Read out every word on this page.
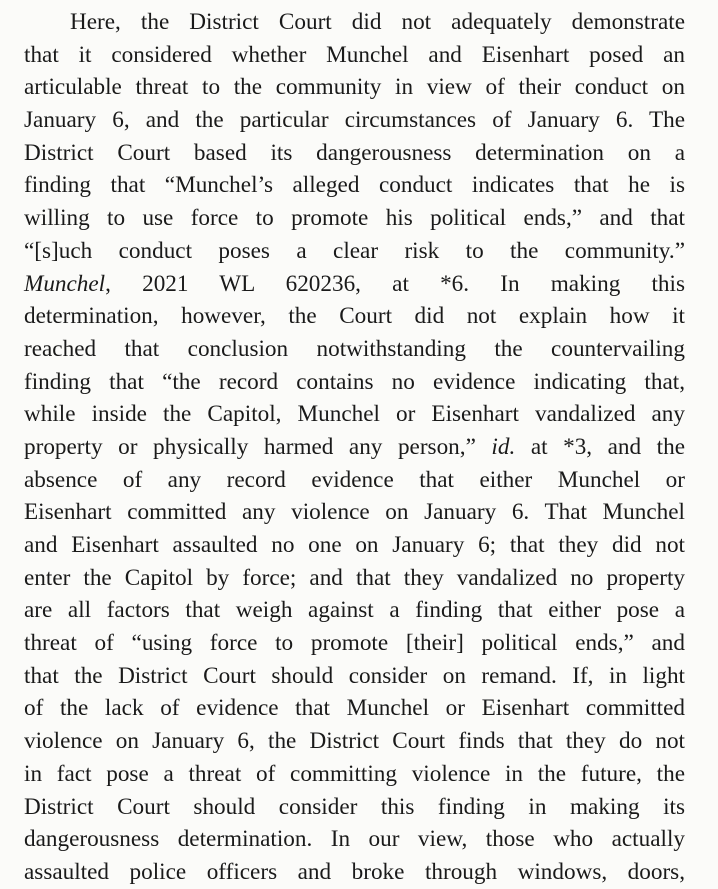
Here, the District Court did not adequately demonstrate
that it considered whether Munchel and Eisenhart posed an
articulable threat to the community in view of their conduct on
January 6, and the particular circumstances of January 6. The
District Court based its dangerousness determination on a
finding that “Munchel’s alleged conduct indicates that he is
willing to use force to promote his political ends,” and that
“[s]uch conduct poses a clear risk to the community.”
Munchel, 2021 WL 620236, at *6. In making this
determination, however, the Court did not explain how it
reached that conclusion notwithstanding the countervailing
finding that “the record contains no evidence indicating that,
while inside the Capitol, Munchel or Eisenhart vandalized any
property or physically harmed any person,” id. at *3, and the
absence of any record evidence that either Munchel or
Eisenhart committed any violence on January 6. That Munchel
and Eisenhart assaulted no one on January 6; that they did not
enter the Capitol by force; and that they vandalized no property
are all factors that weigh against a finding that either pose a
threat of “using force to promote [their] political ends,” and
that the District Court should consider on remand. If, in light
of the lack of evidence that Munchel or Eisenhart committed
violence on January 6, the District Court finds that they do not
in fact pose a threat of committing violence in the future, the
District Court should consider this finding in making its
dangerousness determination. In our view, those who actually
assaulted police officers and broke through windows, doors,
